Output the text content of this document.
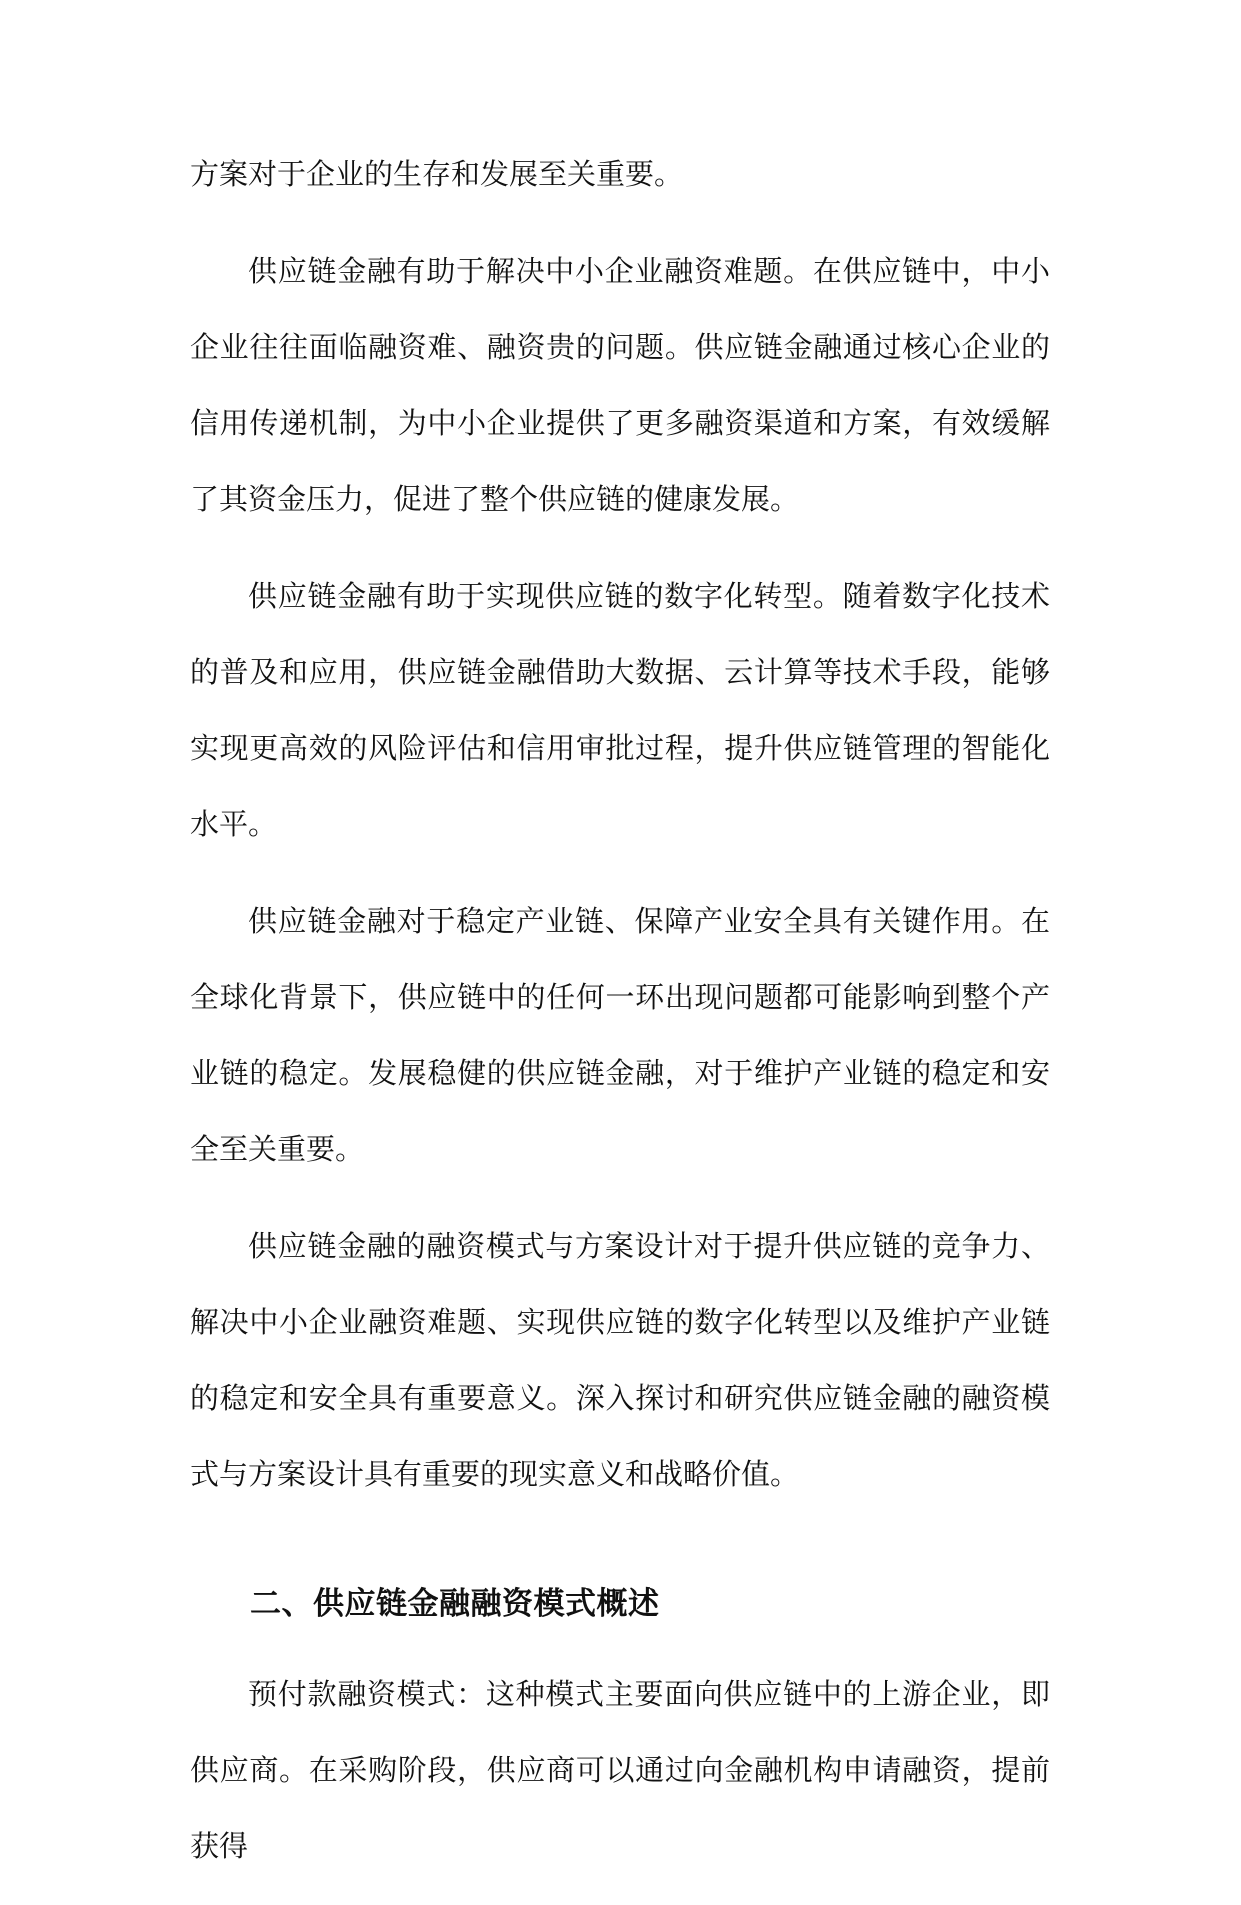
方案对于企业的生存和发展至关重要。

供应链金融有助于解决中小企业融资难题。在供应链中，中小企业往往面临融资难、融资贵的问题。供应链金融通过核心企业的信用传递机制，为中小企业提供了更多融资渠道和方案，有效缓解了其资金压力，促进了整个供应链的健康发展。

供应链金融有助于实现供应链的数字化转型。随着数字化技术的普及和应用，供应链金融借助大数据、云计算等技术手段，能够实现更高效的风险评估和信用审批过程，提升供应链管理的智能化水平。

供应链金融对于稳定产业链、保障产业安全具有关键作用。在全球化背景下，供应链中的任何一环出现问题都可能影响到整个产业链的稳定。发展稳健的供应链金融，对于维护产业链的稳定和安全至关重要。

供应链金融的融资模式与方案设计对于提升供应链的竞争力、解决中小企业融资难题、实现供应链的数字化转型以及维护产业链的稳定和安全具有重要意义。深入探讨和研究供应链金融的融资模式与方案设计具有重要的现实意义和战略价值。

二、供应链金融融资模式概述

预付款融资模式：这种模式主要面向供应链中的上游企业，即供应商。在采购阶段，供应商可以通过向金融机构申请融资，提前获得
